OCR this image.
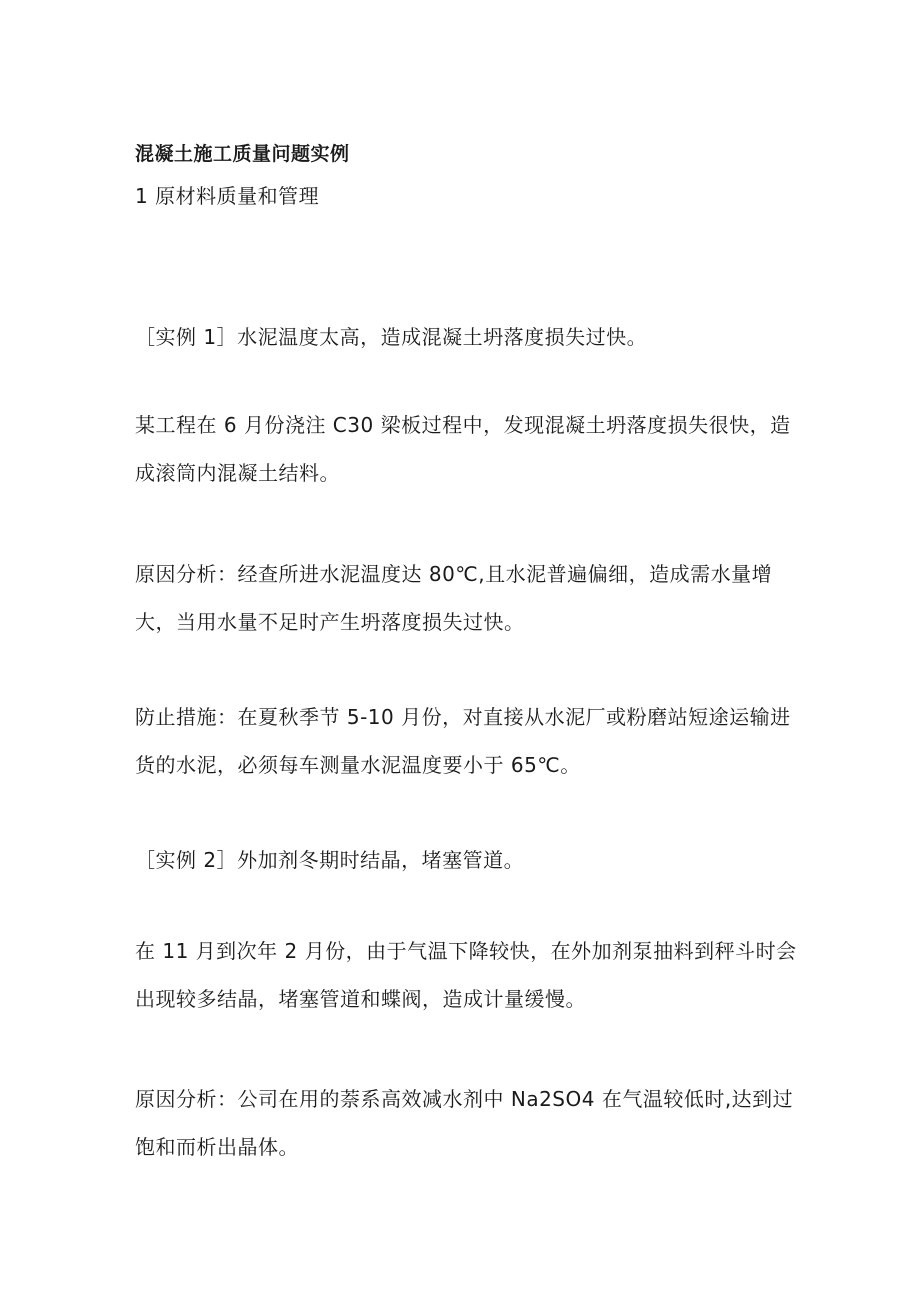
混凝土施工质量问题实例
1 原材料质量和管理
［实例 1］水泥温度太高，造成混凝土坍落度损失过快。
某工程在 6 月份浇注 C30 梁板过程中，发现混凝土坍落度损失很快，造成滚筒内混凝土结料。
原因分析：经查所进水泥温度达 80℃,且水泥普遍偏细，造成需水量增大，当用水量不足时产生坍落度损失过快。
防止措施：在夏秋季节 5-10 月份，对直接从水泥厂或粉磨站短途运输进货的水泥，必须每车测量水泥温度要小于 65℃。
［实例 2］外加剂冬期时结晶，堵塞管道。
在 11 月到次年 2 月份，由于气温下降较快，在外加剂泵抽料到秤斗时会出现较多结晶，堵塞管道和蝶阀，造成计量缓慢。
原因分析：公司在用的萘系高效减水剂中 Na2SO4 在气温较低时,达到过饱和而析出晶体。
